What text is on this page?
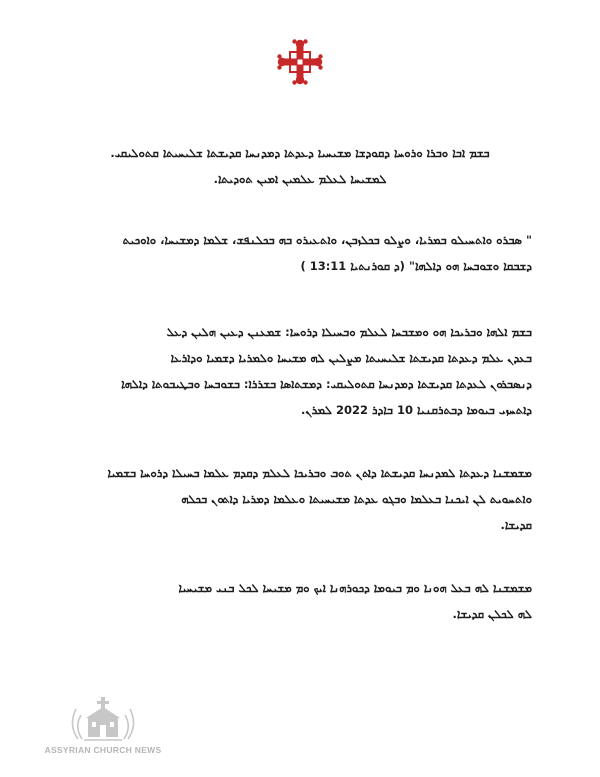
ܒܫܡ ܐܒܐ ܘܒܪܐ ܘܪܘܚܐ ܕܩܘܕܫܐ ܡܫܝܚܝܐ ܕܥܕܬܐ ܕܡܕܢܚܐ ܩܕܝܫܬܐ ܫܠܝܚܝܬܐ ܩܬܘܠܝܩܝ.
ܠܡܫܝܚܐ ܠܥܠܡ ܥܠܡܝܢ ܐܡܝܢ ܬܘܕܝܬܐ.
" ܣܒܪܘ ܘܐܬܚܝܠܘ ܒܡܪܝܐ، ܘܨܠܘ ܒܟܠܙܒܢ، ܘܐܬܥܝܪܘ ܒܗ ܒܟܠܢܦܫ، ܫܠܡܐ ܕܡܫܝܚܐ، ܘܐܘܟܝܬ
ܕܫܒܩܐ ܘܫܘܒܚܐ ܗܘ ܕܐܠܗܐ" (ܕ ܩܘܪܢܬܝܐ 13:11 )
ܒܫܡ ܐܠܗܐ ܘܒܪܝܟܐ ܗܘ ܘܡܫܒܚܐ ܠܥܠܡ ܘܒܚܝܠܐ ܕܪܘܚܐ: ܫܡܥܢܢ ܕܥܝܢ ܗܠܝܢ ܕܥܠ
ܒܥܕܢ ܥܠܡ ܕܥܕܬܐ ܩܕܝܫܬܐ ܫܠܝܚܝܬܐ ܡܨܠܝܢ ܠܗ ܡܫܝܚܐ ܘܠܡܪܝܐ ܕܫܡܝܐ ܘܕܐܪܥܐ
ܕܢܣܒܪܘܢ ܠܥܕܬܐ ܩܕܝܫܬܐ ܕܡܕܢܚܐ ܩܬܘܠܝܩܝ: ܕܡܫܬܐܣܐ ܒܫܪܪܐ: ܒܫܘܒܚܐ ܘܒܛܝܒܘܬܐ ܕܐܠܗܐ
ܕܐܬܚܙܝ ܒܝܘܡܐ ܕܒܬܪܩܢܝܐ 10 ܒܐܕܪ 2022 ܠܡܪܢ.
ܡܫܡܫܢܐ ܕܥܕܬܐ ܠܡܕܢܚܐ ܩܕܝܫܬܐ ܕܐܬܢ ܬܘܒ ܘܒܪܝܟܐ ܠܥܠܡ ܕܩܕܡ ܥܠܡܐ ܒܚܝܠܐ ܕܪܘܚܐ ܒܫܡܝܐ
ܘܐܬܚܘܝܬ ܠܢ ܐܝܟܢܐ ܒܥܠܡܐ ܘܒܓܘ ܥܕܬܐ ܡܫܝܚܝܬܐ ܘܥܠܡܐ ܕܡܪܝܐ ܕܐܬܘܢ ܒܟܠܗ
ܩܕܝܫܐ.
ܡܫܡܫܢܐ ܠܗ ܒܥܠ ܗܘܢܐ ܘܡ ܒܝܘܡܐ ܕܟܘܪܗܢܐ ܐܝܟ ܘܡ ܡܫܝܚܐ ܠܟܠ ܒܢܝ ܡܫܝܚܝܐ
ܠܗ ܠܟܠܢ ܩܕܝܫܐ.
ASSYRIAN CHURCH NEWS
